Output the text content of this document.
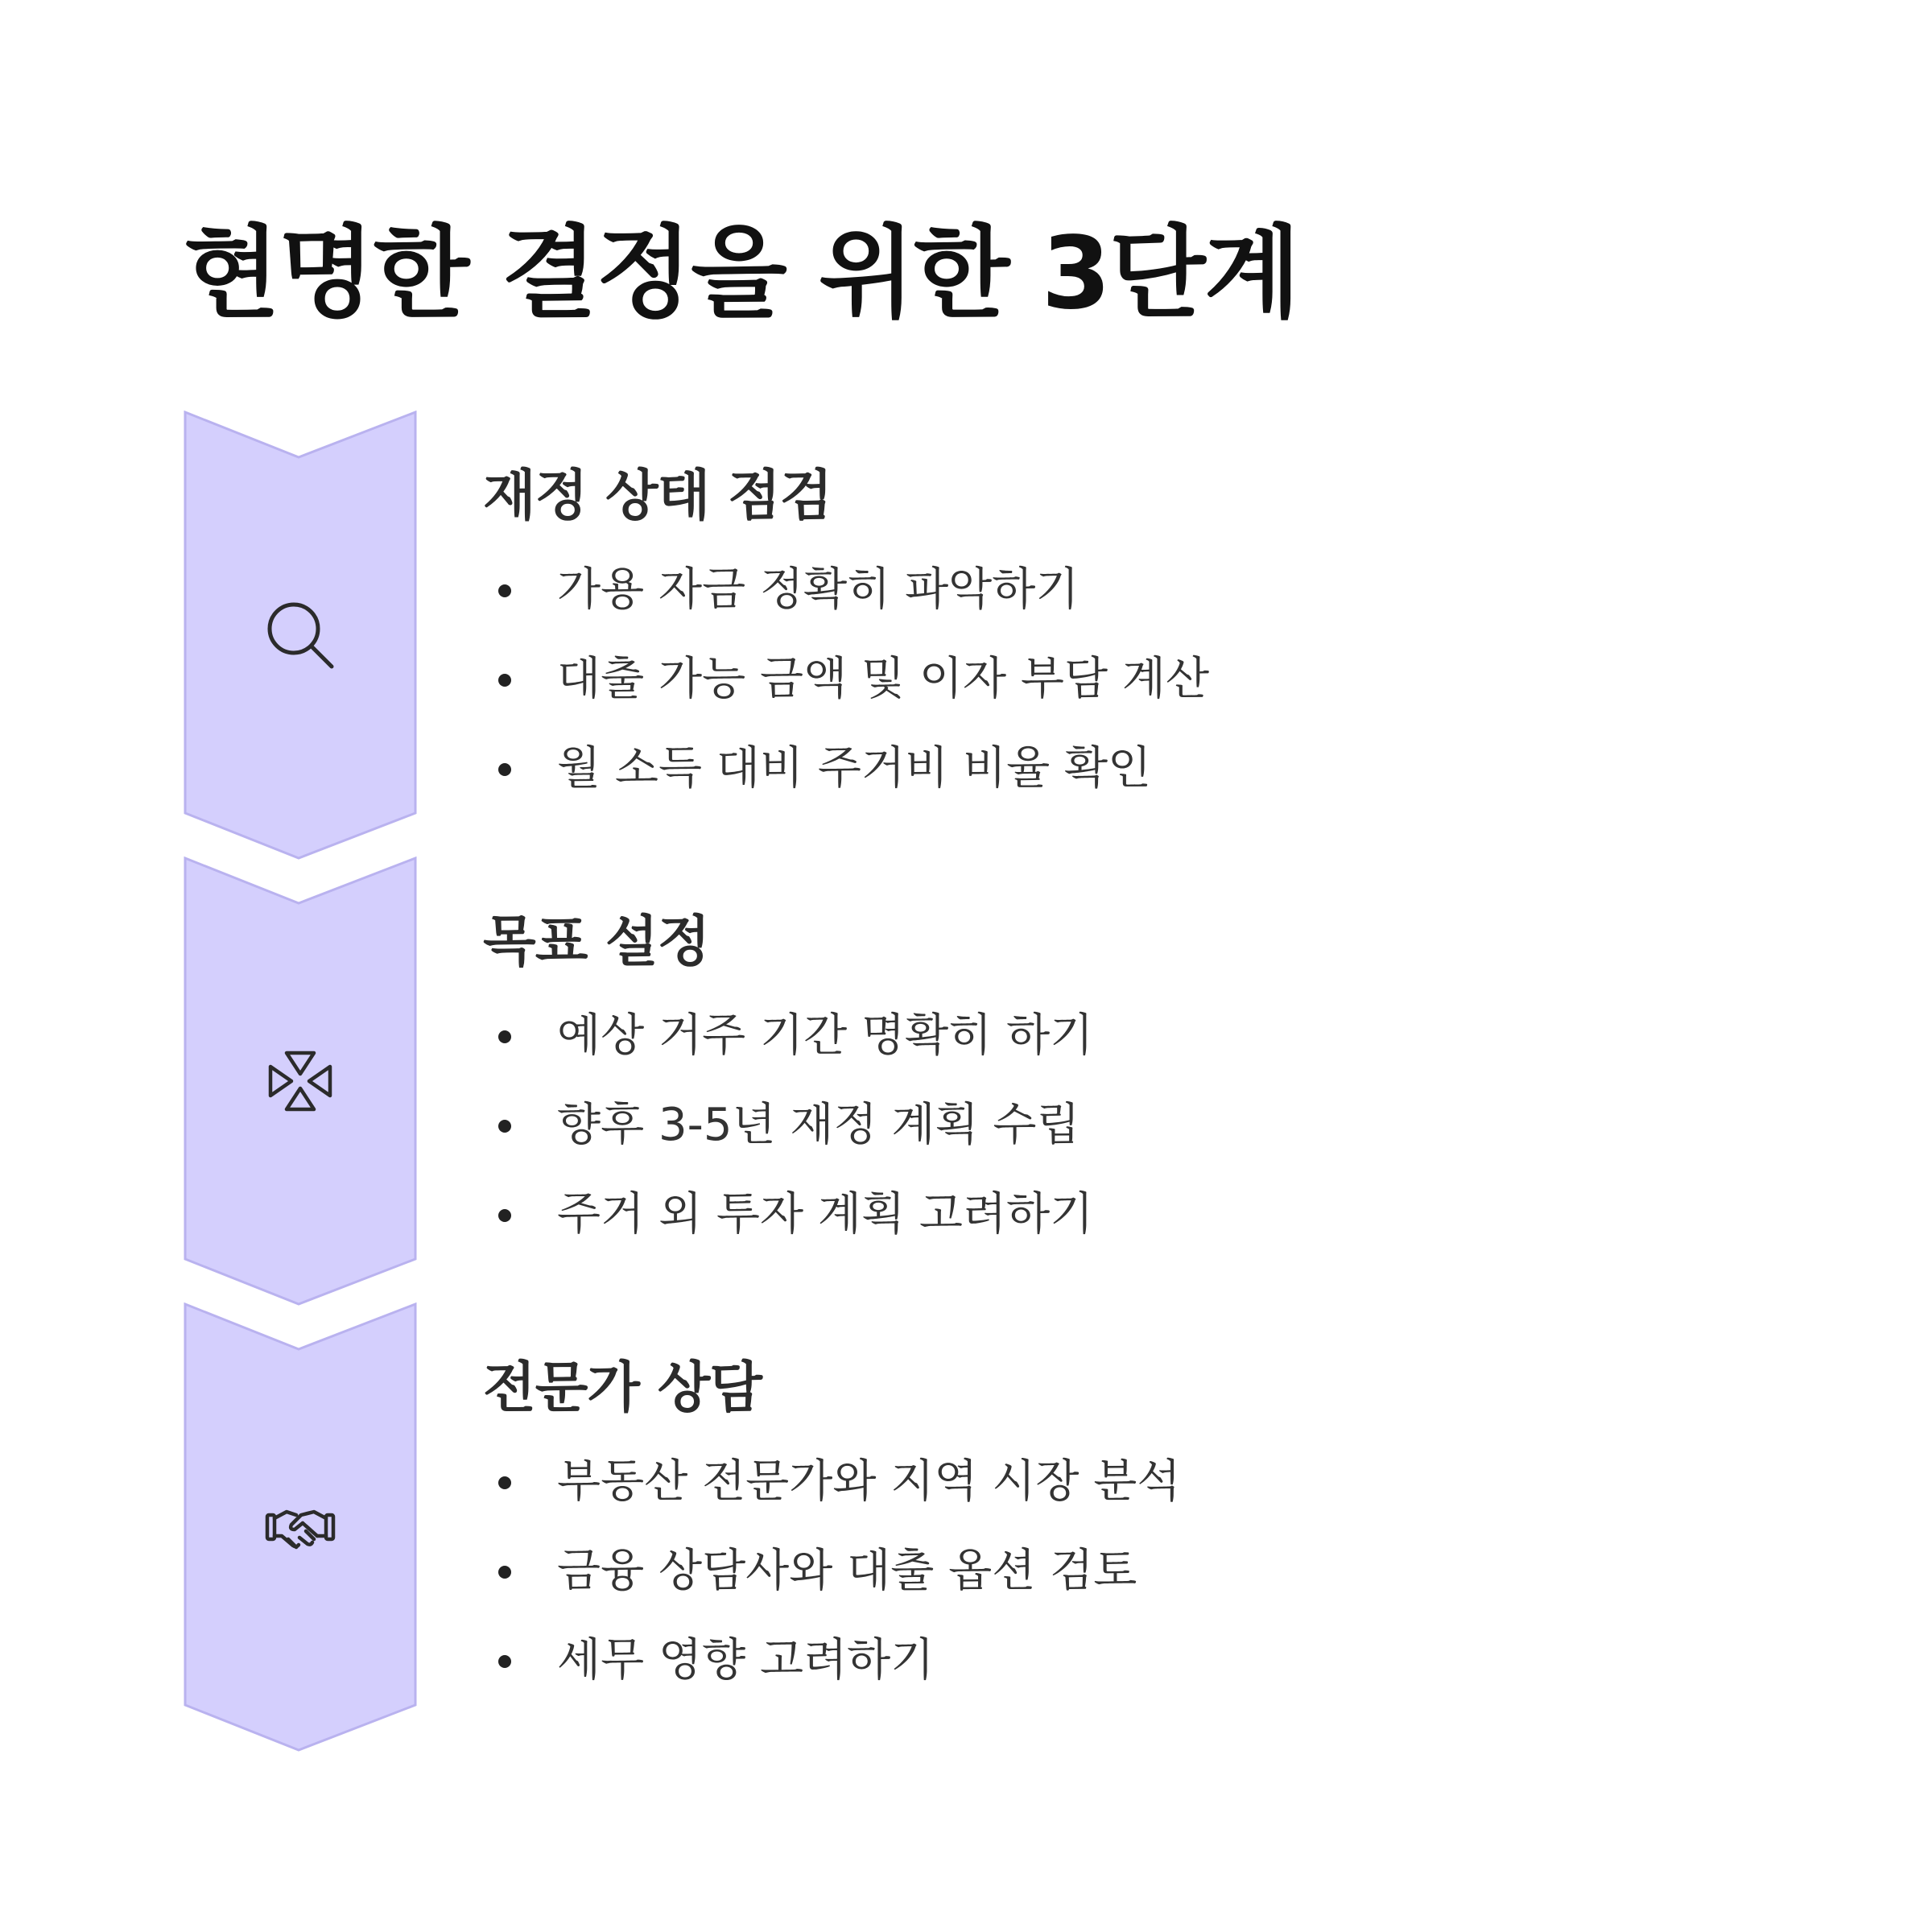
현명한 결정을 위한 3단계
재정 상태 점검
가용 자금 정확히 파악하기
대출 가능 금액 및 이자 부담 계산
월 소득 대비 주거비 비율 확인
목표 설정
예상 거주 기간 명확히 하기
향후 3-5년 재정 계획 수립
주거 외 투자 계획 고려하기
전문가 상담
부동산 전문가와 지역 시장 분석
금융 상담사와 대출 옵션 검토
세무 영향 고려하기
